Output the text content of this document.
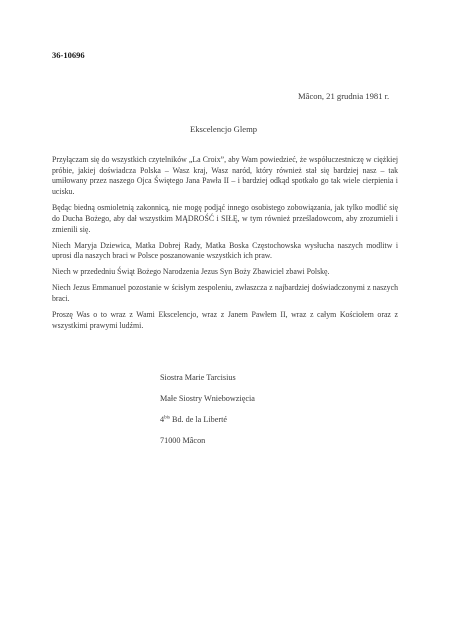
36-10696
Mâcon, 21 grudnia 1981 r.
Ekscelencjo Glemp

Przyłączam się do wszystkich czytelników „La Croix”, aby Wam powiedzieć, że współuczestniczę w ciężkiej próbie, jakiej doświadcza Polska – Wasz kraj, Wasz naród, który również stał się bardziej nasz – tak umiłowany przez naszego Ojca Świętego Jana Pawła II – i bardziej odkąd spotkało go tak wiele cierpienia i ucisku.

Będąc biedną osmioletnią zakonnicą, nie mogę podjąć innego osobistego zobowiązania, jak tylko modlić się do Ducha Bożego, aby dał wszystkim MĄDROŚĆ i SIŁĘ, w tym również prześladowcom, aby zrozumieli i zmienili się.

Niech Maryja Dziewica, Matka Dobrej Rady, Matka Boska Częstochowska wysłucha naszych modlitw i uprosi dla naszych braci w Polsce poszanowanie wszystkich ich praw.

Niech w przededniu Świąt Bożego Narodzenia Jezus Syn Boży Zbawiciel zbawi Polskę.

Niech Jezus Emmanuel pozostanie w ścisłym zespoleniu, zwłaszcza z najbardziej doświadczonymi z naszych braci.

Proszę Was o to wraz z Wami Ekscelencjo, wraz z Janem Pawłem II, wraz z całym Kościołem oraz z wszystkimi prawymi ludźmi.

Siostra Marie Tarcisius
Małe Siostry Wniebowzięcia
$4^{bis}$ Bd. de la Liberté
71000 Mâcon
